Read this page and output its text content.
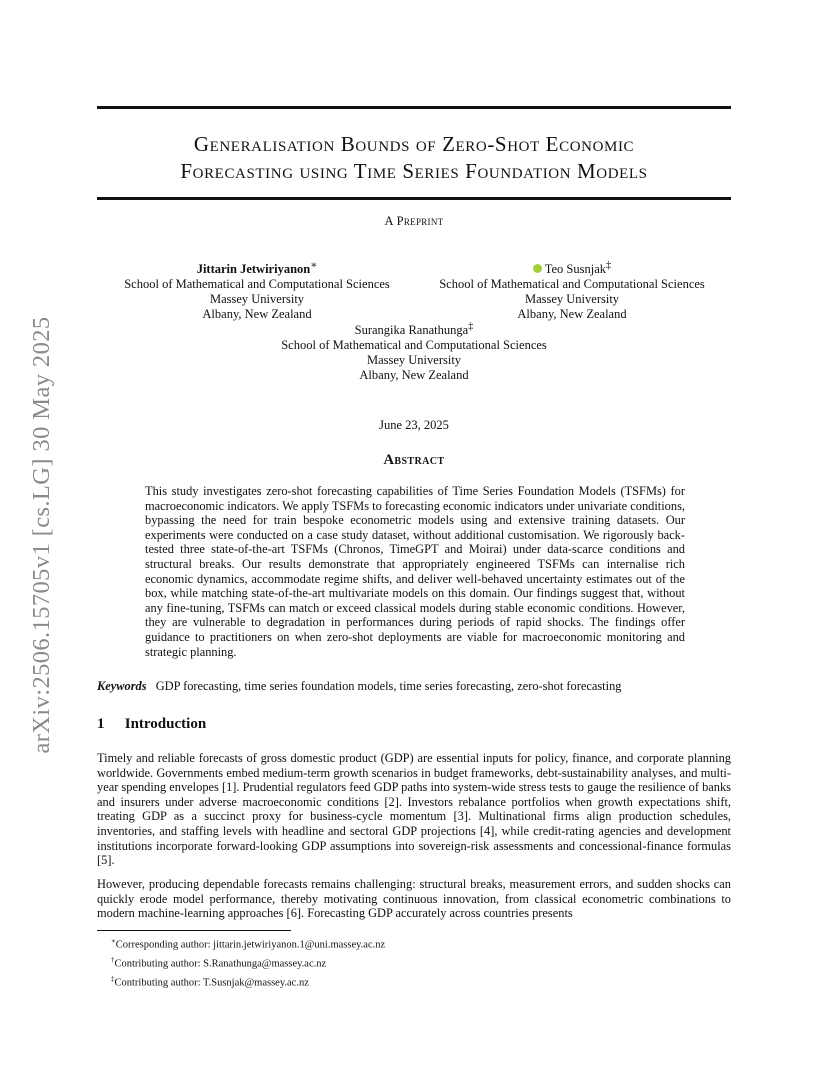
arXiv:2506.15705v1 [cs.LG] 30 May 2025
Generalisation Bounds of Zero-Shot Economic
Forecasting using Time Series Foundation Models
A Preprint
Jittarin Jetwiriyanon∗
School of Mathematical and Computational Sciences
Massey University
Albany, New Zealand
Teo Susnjak‡
School of Mathematical and Computational Sciences
Massey University
Albany, New Zealand
Surangika Ranathunga‡
School of Mathematical and Computational Sciences
Massey University
Albany, New Zealand
June 23, 2025
Abstract
This study investigates zero-shot forecasting capabilities of Time Series Foundation Models (TSFMs) for macroeconomic indicators. We apply TSFMs to forecasting economic indicators under univariate conditions, bypassing the need for train bespoke econometric models using and extensive training datasets. Our experiments were conducted on a case study dataset, without additional customisation. We rigorously back-tested three state-of-the-art TSFMs (Chronos, TimeGPT and Moirai) under data-scarce conditions and structural breaks. Our results demonstrate that appropriately engineered TSFMs can internalise rich economic dynamics, accommodate regime shifts, and deliver well-behaved uncertainty estimates out of the box, while matching state-of-the-art multivariate models on this domain. Our findings suggest that, without any fine-tuning, TSFMs can match or exceed classical models during stable economic conditions. However, they are vulnerable to degradation in performances during periods of rapid shocks. The findings offer guidance to practitioners on when zero-shot deployments are viable for macroeconomic monitoring and strategic planning.
Keywords GDP forecasting, time series foundation models, time series forecasting, zero-shot forecasting
1 Introduction

Timely and reliable forecasts of gross domestic product (GDP) are essential inputs for policy, finance, and corporate planning worldwide. Governments embed medium-term growth scenarios in budget frameworks, debt-sustainability analyses, and multi-year spending envelopes [1]. Prudential regulators feed GDP paths into system-wide stress tests to gauge the resilience of banks and insurers under adverse macroeconomic conditions [2]. Investors rebalance portfolios when growth expectations shift, treating GDP as a succinct proxy for business-cycle momentum [3]. Multinational firms align production schedules, inventories, and staffing levels with headline and sectoral GDP projections [4], while credit-rating agencies and development institutions incorporate forward-looking GDP assumptions into sovereign-risk assessments and concessional-finance formulas [5].

However, producing dependable forecasts remains challenging: structural breaks, measurement errors, and sudden shocks can quickly erode model performance, thereby motivating continuous innovation, from classical econometric combinations to modern machine-learning approaches [6]. Forecasting GDP accurately across countries presents

∗Corresponding author: jittarin.jetwiriyanon.1@uni.massey.ac.nz
†Contributing author: S.Ranathunga@massey.ac.nz
‡Contributing author: T.Susnjak@massey.ac.nz
